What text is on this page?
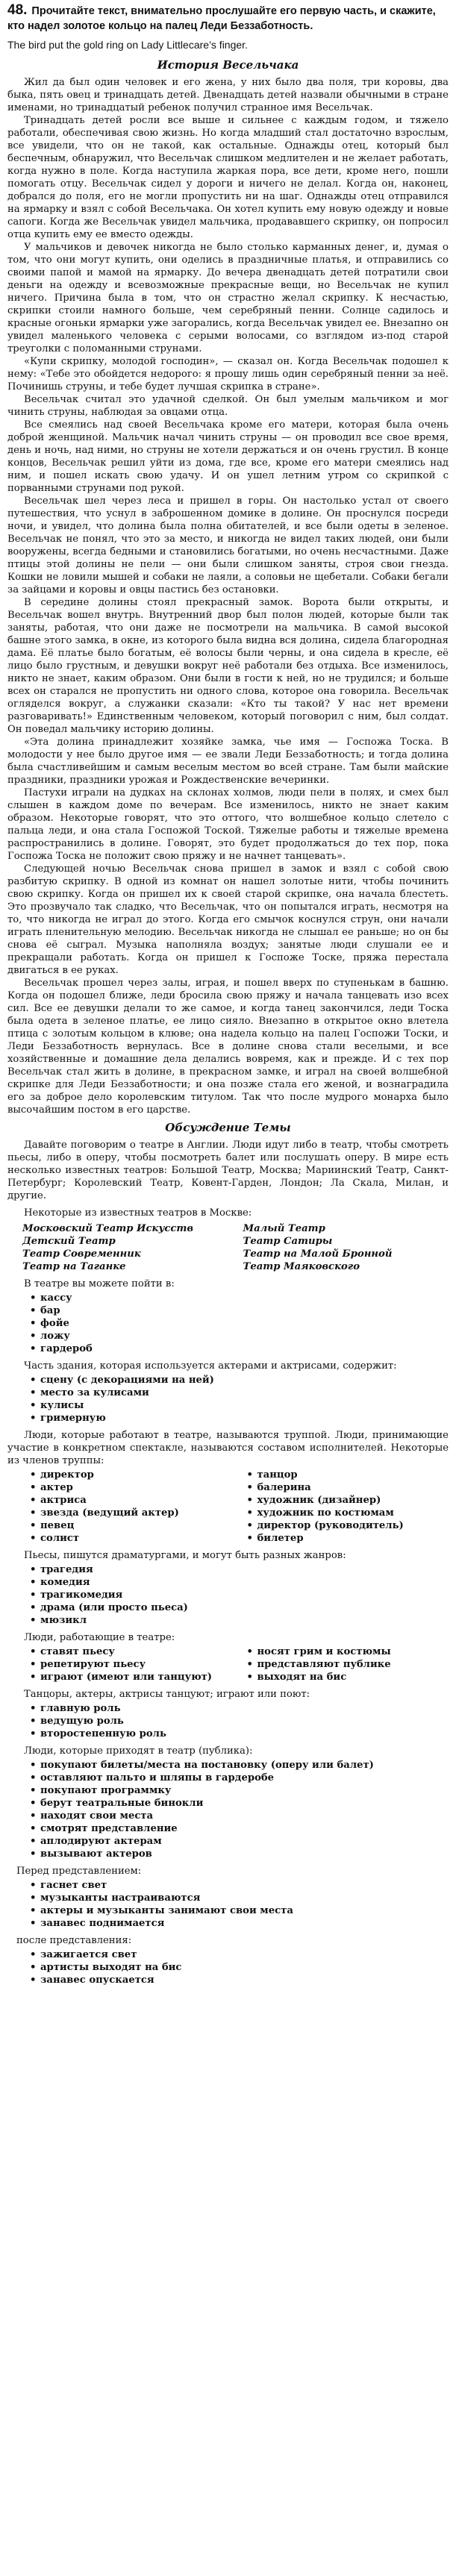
48. Прочитайте текст, внимательно прослушайте его первую часть, и скажите, кто надел золотое кольцо на палец Леди Беззаботность.
The bird put the gold ring on Lady Littlecare’s finger.
История Весельчака

Жил да был один человек и его жена, у них было два поля, три коровы, два быка, пять овец и тринадцать детей. Двенадцать детей назвали обычными в стране именами, но тринадцатый ребенок получил странное имя Весельчак.

Тринадцать детей росли все выше и сильнее с каждым годом, и тяжело работали, обеспечивая свою жизнь. Но когда младший стал достаточно взрослым, все увидели, что он не такой, как остальные. Однажды отец, который был беспечным, обнаружил, что Весельчак слишком медлителен и не желает работать, когда нужно в поле. Когда наступила жаркая пора, все дети, кроме него, пошли помогать отцу. Весельчак сидел у дороги и ничего не делал. Когда он, наконец, добрался до поля, его не могли пропустить ни на шаг. Однажды отец отправился на ярмарку и взял с собой Весельчака. Он хотел купить ему новую одежду и новые сапоги. Когда же Весельчак увидел мальчика, продававшего скрипку, он попросил отца купить ему ее вместо одежды.

У мальчиков и девочек никогда не было столько карманных денег, и, думая о том, что они могут купить, они оделись в праздничные платья, и отправились со своими папой и мамой на ярмарку. До вечера двенадцать детей потратили свои деньги на одежду и всевозможные прекрасные вещи, но Весельчак не купил ничего. Причина была в том, что он страстно желал скрипку. К несчастью, скрипки стоили намного больше, чем серебряный пенни. Солнце садилось и красные огоньки ярмарки уже загорались, когда Весельчак увидел ее. Внезапно он увидел маленького человека с серыми волосами, со взглядом из-под старой треуголки с поломанными струнами.

«Купи скрипку, молодой господин», — сказал он. Когда Весельчак подошел к нему: «Тебе это обойдется недорого: я прошу лишь один серебряный пенни за неё. Починишь струны, и тебе будет лучшая скрипка в стране».

Весельчак считал это удачной сделкой. Он был умелым мальчиком и мог чинить струны, наблюдая за овцами отца.

Все смеялись над своей Весельчака кроме его матери, которая была очень доброй женщиной. Мальчик начал чинить струны — он проводил все свое время, день и ночь, над ними, но струны не хотели держаться и он очень грустил. В конце концов, Весельчак решил уйти из дома, где все, кроме его матери смеялись над ним, и пошел искать свою удачу. И он ушел летним утром со скрипкой с порванными струнами под рукой.

Весельчак шел через леса и пришел в горы. Он настолько устал от своего путешествия, что уснул в заброшенном домике в долине. Он проснулся посреди ночи, и увидел, что долина была полна обитателей, и все были одеты в зеленое. Весельчак не понял, что это за место, и никогда не видел таких людей, они были вооружены, всегда бедными и становились богатыми, но очень несчастными. Даже птицы этой долины не пели — они были слишком заняты, строя свои гнезда. Кошки не ловили мышей и собаки не лаяли, а соловьи не щебетали. Собаки бегали за зайцами и коровы и овцы пастись без остановки.

В середине долины стоял прекрасный замок. Ворота были открыты, и Весельчак вошел внутрь. Внутренний двор был полон людей, которые были так заняты, работая, что они даже не посмотрели на мальчика. В самой высокой башне этого замка, в окне, из которого была видна вся долина, сидела благородная дама. Её платье было богатым, её волосы были черны, и она сидела в кресле, её лицо было грустным, и девушки вокруг неё работали без отдыха. Все изменилось, никто не знает, каким образом. Они были в гости к ней, но не трудился; и больше всех он старался не пропустить ни одного слова, которое она говорила. Весельчак огляделся вокруг, а служанки сказали: «Кто ты такой? У нас нет времени разговаривать!» Единственным человеком, который поговорил с ним, был солдат. Он поведал мальчику историю долины.

«Эта долина принадлежит хозяйке замка, чье имя — Госпожа Тоска. В молодости у нее было другое имя — ее звали Леди Беззаботность; и тогда долина была счастливейшим и самым веселым местом во всей стране. Там были майские праздники, праздники урожая и Рождественские вечеринки.

Пастухи играли на дудках на склонах холмов, люди пели в полях, и смех был слышен в каждом доме по вечерам. Все изменилось, никто не знает каким образом. Некоторые говорят, что это оттого, что волшебное кольцо слетело с пальца леди, и она стала Госпожой Тоской. Тяжелые работы и тяжелые времена распространились в долине. Говорят, это будет продолжаться до тех пор, пока Госпожа Тоска не положит свою пряжу и не начнет танцевать».

Следующей ночью Весельчак снова пришел в замок и взял с собой свою разбитую скрипку. В одной из комнат он нашел золотые нити, чтобы починить свою скрипку. Когда он пришел их к своей старой скрипке, она начала блестеть. Это прозвучало так сладко, что Весельчак, что он попытался играть, несмотря на то, что никогда не играл до этого. Когда его смычок коснулся струн, они начали играть пленительную мелодию. Весельчак никогда не слышал ее раньше; но он бы снова её сыграл. Музыка наполняла воздух; занятые люди слушали ее и прекращали работать. Когда он пришел к Госпоже Тоске, пряжа перестала двигаться в ее руках.

Весельчак прошел через залы, играя, и пошел вверх по ступенькам в башню. Когда он подошел ближе, леди бросила свою пряжу и начала танцевать изо всех сил. Все ее девушки делали то же самое, и когда танец закончился, леди Тоска была одета в зеленое платье, ее лицо сияло. Внезапно в открытое окно влетела птица с золотым кольцом в клюве; она надела кольцо на палец Госпожи Тоски, и Леди Беззаботность вернулась. Все в долине снова стали веселыми, и все хозяйственные и домашние дела делались вовремя, как и прежде. И с тех пор Весельчак стал жить в долине, в прекрасном замке, и играл на своей волшебной скрипке для Леди Беззаботности; и она позже стала его женой, и вознаградила его за доброе дело королевским титулом. Так что после мудрого монарха было высочайшим постом в его царстве.

Обсуждение Темы

Давайте поговорим о театре в Англии. Люди идут либо в театр, чтобы смотреть пьесы, либо в оперу, чтобы посмотреть балет или послушать оперу. В мире есть несколько известных театров: Большой Театр, Москва; Мариинский Театр, Санкт-Петербург; Королевский Театр, Ковент-Гарден, Лондон; Ла Скала, Милан, и другие.

Некоторые из известных театров в Москве:

Московский Театр Искусств	Малый Театр
Детский Театр	Театр Сатиры
Театр Современник	Театр на Малой Бронной
Театр на Таганке	Театр Маяковского

В театре вы можете пойти в:

• кассу
• бар
• фойе
• ложу
• гардероб

Часть здания, которая используется актерами и актрисами, содержит:

• сцену (с декорациями на ней)
• место за кулисами
• кулисы
• гримерную

Люди, которые работают в театре, называются труппой. Люди, принимающие участие в конкретном спектакле, называются составом исполнителей. Некоторые из членов труппы:

• директор	• танцор
• актер	• балерина
• актриса	• художник (дизайнер)
• звезда (ведущий актер)	• художник по костюмам
• певец	• директор (руководитель)
• солист	• билетер

Пьесы, пишутся драматургами, и могут быть разных жанров:

• трагедия
• комедия
• трагикомедия
• драма (или просто пьеса)
• мюзикл

Люди, работающие в театре:

• ставят пьесу	• носят грим и костюмы
• репетируют пьесу	• представляют публике
• играют (имеют или танцуют)	• выходят на бис

Танцоры, актеры, актрисы танцуют; играют или поют:

• главную роль
• ведущую роль
• второстепенную роль

Люди, которые приходят в театр (публика):

• покупают билеты/места на постановку (оперу или балет)
• оставляют пальто и шляпы в гардеробе
• покупают программку
• берут театральные бинокли
• находят свои места
• смотрят представление
• аплодируют актерам
• вызывают актеров

Перед представлением:

• гаснет свет
• музыканты настраиваются
• актеры и музыканты занимают свои места
• занавес поднимается

после представления:

• зажигается свет
• артисты выходят на бис
• занавес опускается
